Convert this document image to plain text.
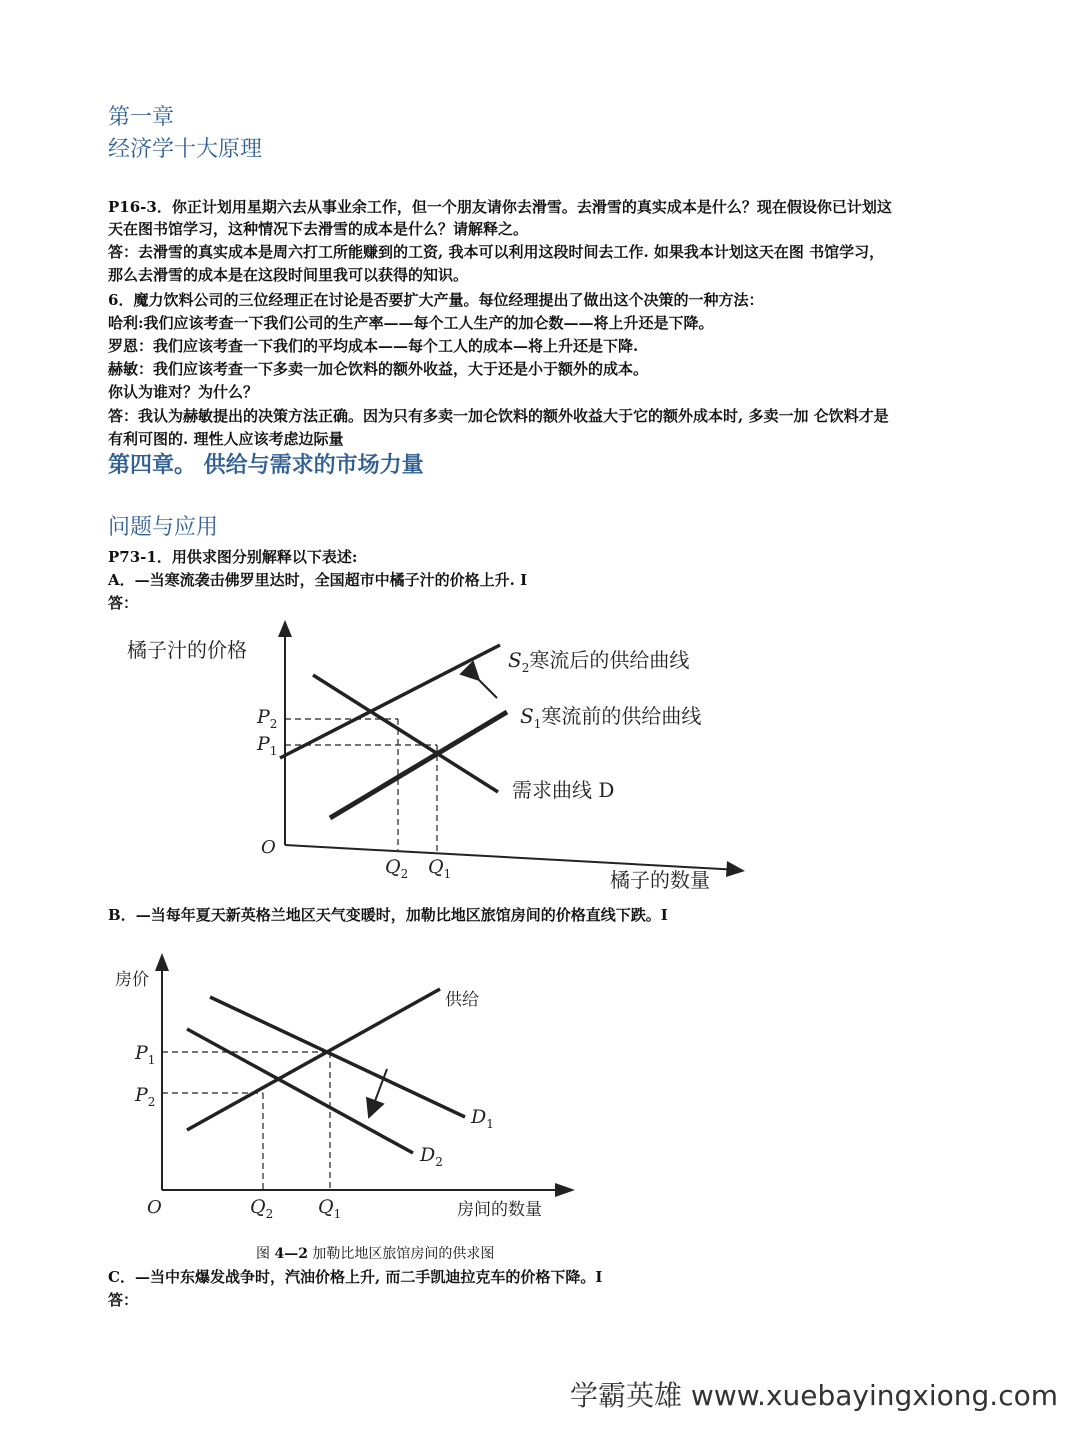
第一章
经济学十大原理

P16-3．你正计划用星期六去从事业余工作，但一个朋友请你去滑雪。去滑雪的真实成本是什么？现在假设你已计划这

天在图书馆学习，这种情况下去滑雪的成本是什么？请解释之。

答：去滑雪的真实成本是周六打工所能赚到的工资, 我本可以利用这段时间去工作. 如果我本计划这天在图 书馆学习，

那么去滑雪的成本是在这段时间里我可以获得的知识。

6．魔力饮料公司的三位经理正在讨论是否要扩大产量。每位经理提出了做出这个决策的一种方法：

哈利:我们应该考查一下我们公司的生产率——每个工人生产的加仑数——将上升还是下降。

罗恩：我们应该考查一下我们的平均成本——每个工人的成本—将上升还是下降.

赫敏：我们应该考查一下多卖一加仑饮料的额外收益，大于还是小于额外的成本。

你认为谁对？为什么？

答：我认为赫敏提出的决策方法正确。因为只有多卖一加仑饮料的额外收益大于它的额外成本时, 多卖一加 仑饮料才是

有利可图的. 理性人应该考虑边际量

第四章。 供给与需求的市场力量
问题与应用

P73-1．用供求图分别解释以下表述:

A．—当寒流袭击佛罗里达时，全国超市中橘子汁的价格上升. I

答：

橘子汁的价格
橘子的数量
O
$S_2$寒流后的供给曲线
$S_1$寒流前的供给曲线
需求曲线 D
$P_2$
$P_1$
$Q_2$ $Q_1$

B．—当每年夏天新英格兰地区天气变暖时，加勒比地区旅馆房间的价格直线下跌。I

房价
房间的数量
O
供给
$D_1$
$D_2$
$P_1$
$P_2$
$Q_2$ $Q_1$
图 4—2 加勒比地区旅馆房间的供求图

C．—当中东爆发战争时，汽油价格上升, 而二手凯迪拉克车的价格下降。I

答：

学霸英雄 www.xuebayingxiong.com
